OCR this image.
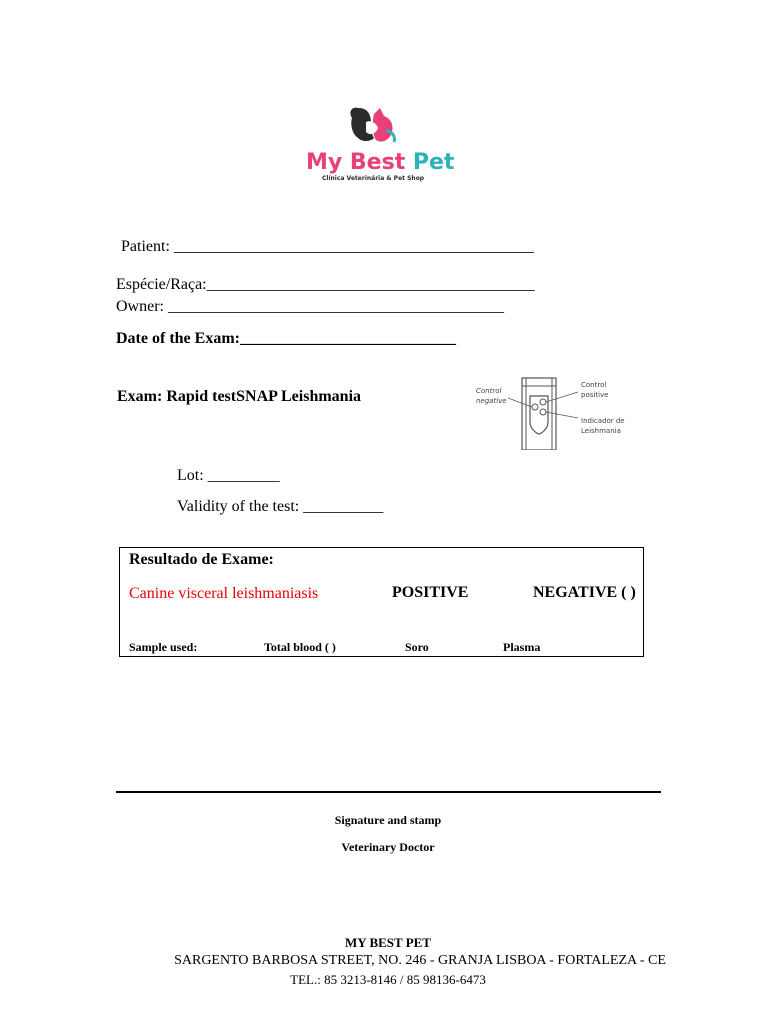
My Best Pet
Clínica Veterinária & Pet Shop
Patient: _____________________________________________
Espécie/Raça:_________________________________________
Owner: __________________________________________
Date of the Exam:___________________________
Exam: Rapid testSNAP Leishmania	Control
negative
Control
positive
Indicador de
Leishmania
Lot: _________
Validity of the test: __________
Resultado de Exame:
Canine visceral leishmaniasis	POSITIVE	NEGATIVE ( )
Sample used:	Total blood ( )	Soro	Plasma
Signature and stamp
Veterinary Doctor
MY BEST PET
SARGENTO BARBOSA STREET, NO. 246 - GRANJA LISBOA - FORTALEZA - CE
TEL.: 85 3213-8146 / 85 98136-6473
